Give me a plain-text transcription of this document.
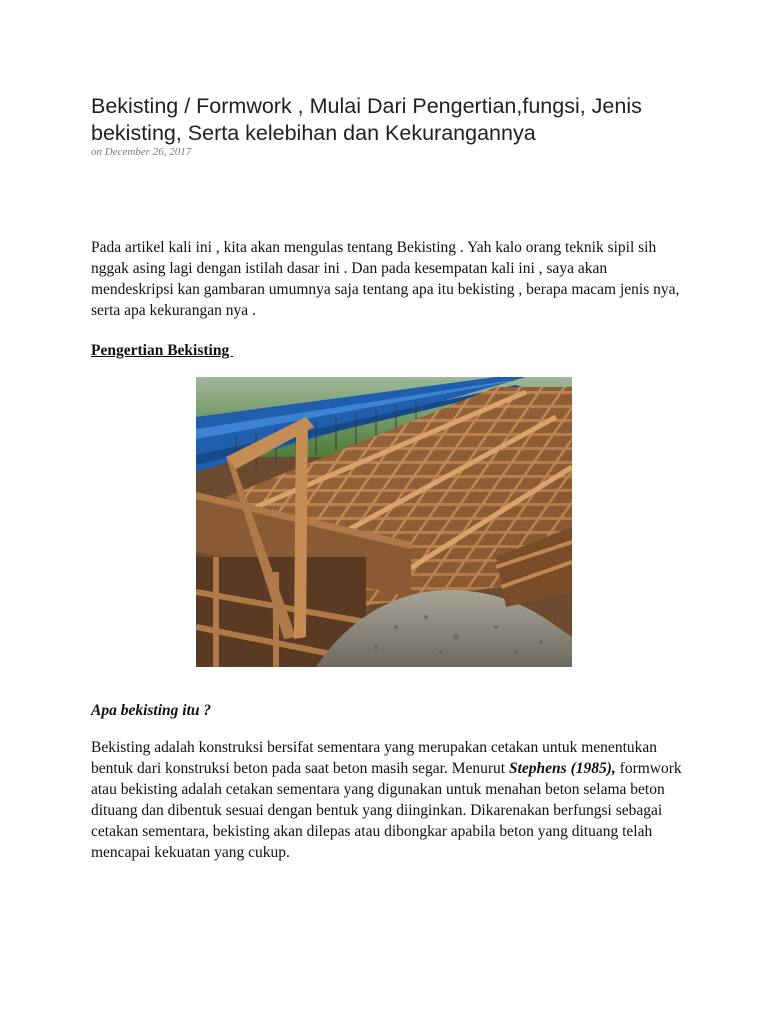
Bekisting / Formwork , Mulai Dari Pengertian,fungsi, Jenis bekisting, Serta kelebihan dan Kekurangannya
on December 26, 2017

Pada artikel kali ini , kita akan mengulas tentang Bekisting . Yah kalo orang teknik sipil sih nggak asing lagi dengan istilah dasar ini . Dan pada kesempatan kali ini , saya akan mendeskripsi kan gambaran umumnya saja tentang apa itu bekisting , berapa macam jenis nya, serta apa kekurangan nya .

Pengertian Bekisting
Apa bekisting itu ?

Bekisting adalah konstruksi bersifat sementara yang merupakan cetakan untuk menentukan bentuk dari konstruksi beton pada saat beton masih segar. Menurut Stephens (1985), formwork atau bekisting adalah cetakan sementara yang digunakan untuk menahan beton selama beton dituang dan dibentuk sesuai dengan bentuk yang diinginkan. Dikarenakan berfungsi sebagai cetakan sementara, bekisting akan dilepas atau dibongkar apabila beton yang dituang telah mencapai kekuatan yang cukup.
